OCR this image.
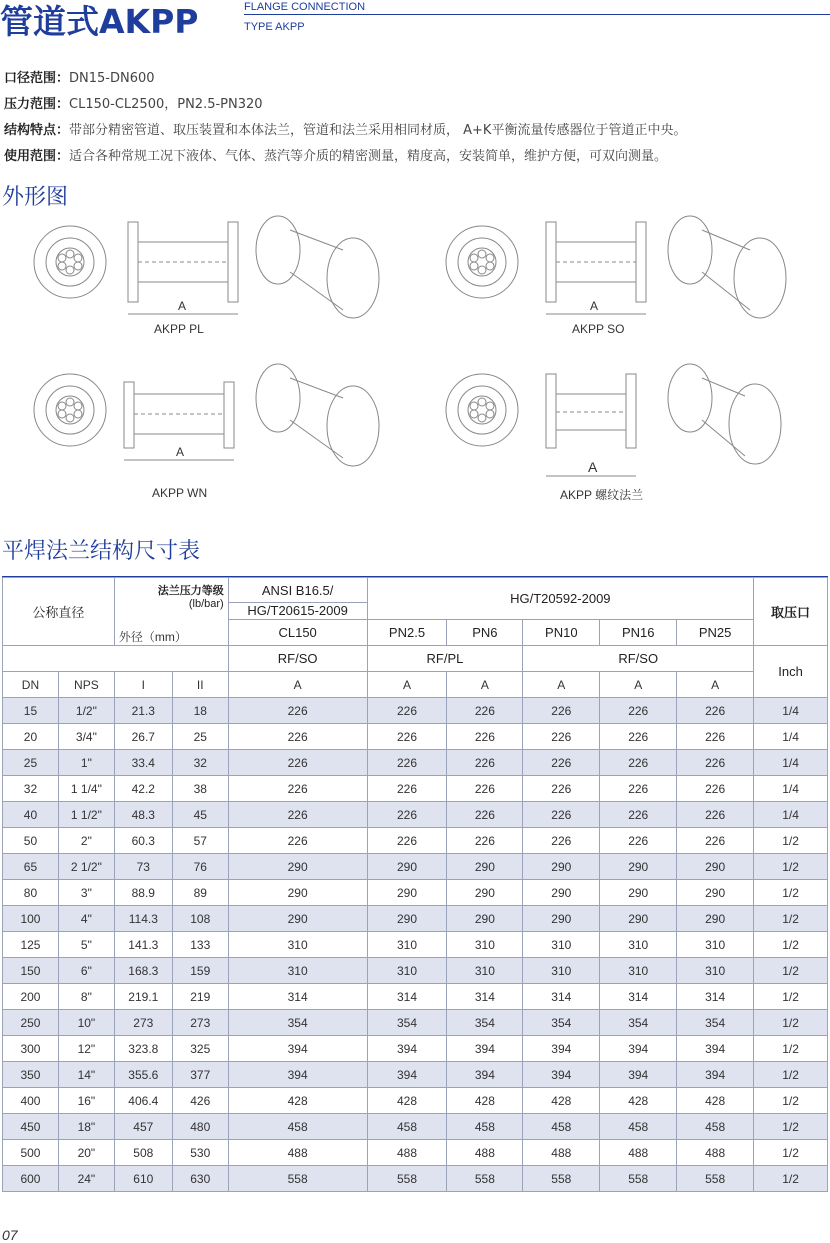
管道式AKPP	FLANGE CONNECTION
TYPE AKPP
口径范围：DN15-DN600
压力范围：CL150-CL2500，PN2.5-PN320
结构特点：带部分精密管道、取压装置和本体法兰，管道和法兰采用相同材质， A+K平衡流量传感器位于管道正中央。
使用范围：适合各种常规工况下液体、气体、蒸汽等介质的精密测量，精度高，安装简单，维护方便，可双向测量。
外形图
A
AKPP PL
A
AKPP SO
A
AKPP WN
A
AKPP 螺纹法兰
平焊法兰结构尺寸表
公称直径		法兰压力等级
(lb/bar)
外径（mm）		ANSI B16.5/	HG/T20592-2009					取压口
				HG/T20615-2009						
				CL150	PN2.5	PN6	PN10	PN16	PN25	
				RF/SO	RF/PL		RF/SO			Inch
DN	NPS	I	II	A	A	A	A	A	A	
15	1/2"	21.3	18	226	226	226	226	226	226	1/4
20	3/4"	26.7	25	226	226	226	226	226	226	1/4
25	1"	33.4	32	226	226	226	226	226	226	1/4
32	1 1/4"	42.2	38	226	226	226	226	226	226	1/4
40	1 1/2"	48.3	45	226	226	226	226	226	226	1/4
50	2"	60.3	57	226	226	226	226	226	226	1/2
65	2 1/2"	73	76	290	290	290	290	290	290	1/2
80	3"	88.9	89	290	290	290	290	290	290	1/2
100	4"	114.3	108	290	290	290	290	290	290	1/2
125	5"	141.3	133	310	310	310	310	310	310	1/2
150	6"	168.3	159	310	310	310	310	310	310	1/2
200	8"	219.1	219	314	314	314	314	314	314	1/2
250	10"	273	273	354	354	354	354	354	354	1/2
300	12"	323.8	325	394	394	394	394	394	394	1/2
350	14"	355.6	377	394	394	394	394	394	394	1/2
400	16"	406.4	426	428	428	428	428	428	428	1/2
450	18"	457	480	458	458	458	458	458	458	1/2
500	20"	508	530	488	488	488	488	488	488	1/2
600	24"	610	630	558	558	558	558	558	558	1/2
07
